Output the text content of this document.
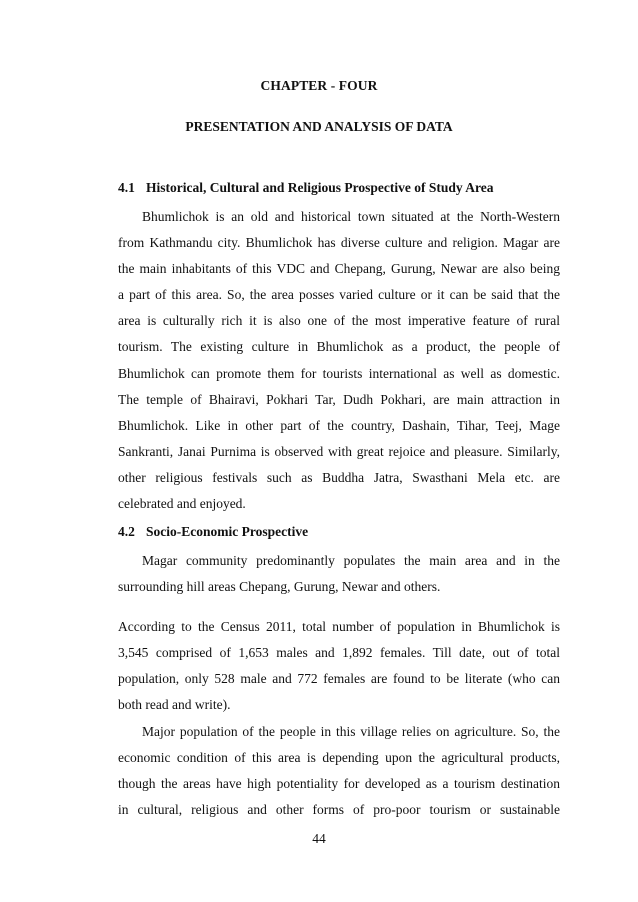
CHAPTER - FOUR
PRESENTATION AND ANALYSIS OF DATA
4.1 Historical, Cultural and Religious Prospective of Study Area
Bhumlichok is an old and historical town situated at the North-Western
from Kathmandu city. Bhumlichok has diverse culture and religion. Magar are
the main inhabitants of this VDC and Chepang, Gurung, Newar are also being
a part of this area. So, the area posses varied culture or it can be said that the
area is culturally rich it is also one of the most imperative feature of rural
tourism. The existing culture in Bhumlichok as a product, the people of
Bhumlichok can promote them for tourists international as well as domestic.
The temple of Bhairavi, Pokhari Tar, Dudh Pokhari, are main attraction in
Bhumlichok. Like in other part of the country, Dashain, Tihar, Teej, Mage
Sankranti, Janai Purnima is observed with great rejoice and pleasure. Similarly,
other religious festivals such as Buddha Jatra, Swasthani Mela etc. are
celebrated and enjoyed.
4.2 Socio-Economic Prospective
Magar community predominantly populates the main area and in the
surrounding hill areas Chepang, Gurung, Newar and others.
According to the Census 2011, total number of population in Bhumlichok is
3,545 comprised of 1,653 males and 1,892 females. Till date, out of total
population, only 528 male and 772 females are found to be literate (who can
both read and write).
Major population of the people in this village relies on agriculture. So, the
economic condition of this area is depending upon the agricultural products,
though the areas have high potentiality for developed as a tourism destination
in cultural, religious and other forms of pro-poor tourism or sustainable
44
